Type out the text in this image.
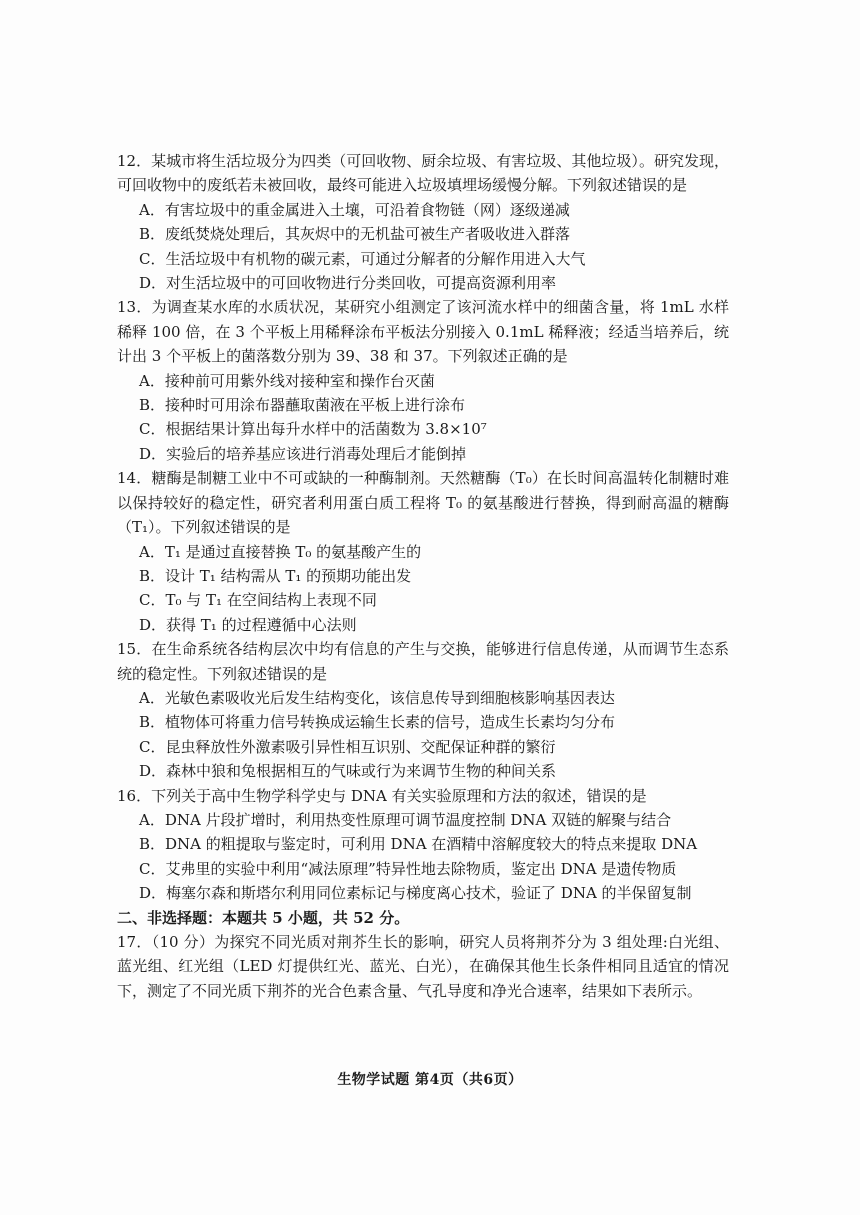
12．某城市将生活垃圾分为四类（可回收物、厨余垃圾、有害垃圾、其他垃圾）。研究发现，可回收物中的废纸若未被回收，最终可能进入垃圾填埋场缓慢分解。下列叙述错误的是

A．有害垃圾中的重金属进入土壤，可沿着食物链（网）逐级递减

B．废纸焚烧处理后，其灰烬中的无机盐可被生产者吸收进入群落

C．生活垃圾中有机物的碳元素，可通过分解者的分解作用进入大气

D．对生活垃圾中的可回收物进行分类回收，可提高资源利用率

13．为调查某水库的水质状况，某研究小组测定了该河流水样中的细菌含量，将 1mL 水样稀释 100 倍，在 3 个平板上用稀释涂布平板法分别接入 0.1mL 稀释液；经适当培养后，统计出 3 个平板上的菌落数分别为 39、38 和 37。下列叙述正确的是

A．接种前可用紫外线对接种室和操作台灭菌

B．接种时可用涂布器蘸取菌液在平板上进行涂布

C．根据结果计算出每升水样中的活菌数为 3.8×10⁷

D．实验后的培养基应该进行消毒处理后才能倒掉

14．糖酶是制糖工业中不可或缺的一种酶制剂。天然糖酶（T₀）在长时间高温转化制糖时难以保持较好的稳定性，研究者利用蛋白质工程将 T₀ 的氨基酸进行替换，得到耐高温的糖酶（T₁）。下列叙述错误的是

A．T₁ 是通过直接替换 T₀ 的氨基酸产生的

B．设计 T₁ 结构需从 T₁ 的预期功能出发

C．T₀ 与 T₁ 在空间结构上表现不同

D．获得 T₁ 的过程遵循中心法则

15．在生命系统各结构层次中均有信息的产生与交换，能够进行信息传递，从而调节生态系统的稳定性。下列叙述错误的是

A．光敏色素吸收光后发生结构变化，该信息传导到细胞核影响基因表达

B．植物体可将重力信号转换成运输生长素的信号，造成生长素均匀分布

C．昆虫释放性外激素吸引异性相互识别、交配保证种群的繁衍

D．森林中狼和兔根据相互的气味或行为来调节生物的种间关系

16．下列关于高中生物学科学史与 DNA 有关实验原理和方法的叙述，错误的是

A．DNA 片段扩增时，利用热变性原理可调节温度控制 DNA 双链的解聚与结合

B．DNA 的粗提取与鉴定时，可利用 DNA 在酒精中溶解度较大的特点来提取 DNA

C．艾弗里的实验中利用“减法原理”特异性地去除物质，鉴定出 DNA 是遗传物质

D．梅塞尔森和斯塔尔利用同位素标记与梯度离心技术，验证了 DNA 的半保留复制

二、非选择题：本题共 5 小题，共 52 分。

17．（10 分）为探究不同光质对荆芥生长的影响，研究人员将荆芥分为 3 组处理:白光组、蓝光组、红光组（LED 灯提供红光、蓝光、白光），在确保其他生长条件相同且适宜的情况下，测定了不同光质下荆芥的光合色素含量、气孔导度和净光合速率，结果如下表所示。

生物学试题 第4页（共6页）
